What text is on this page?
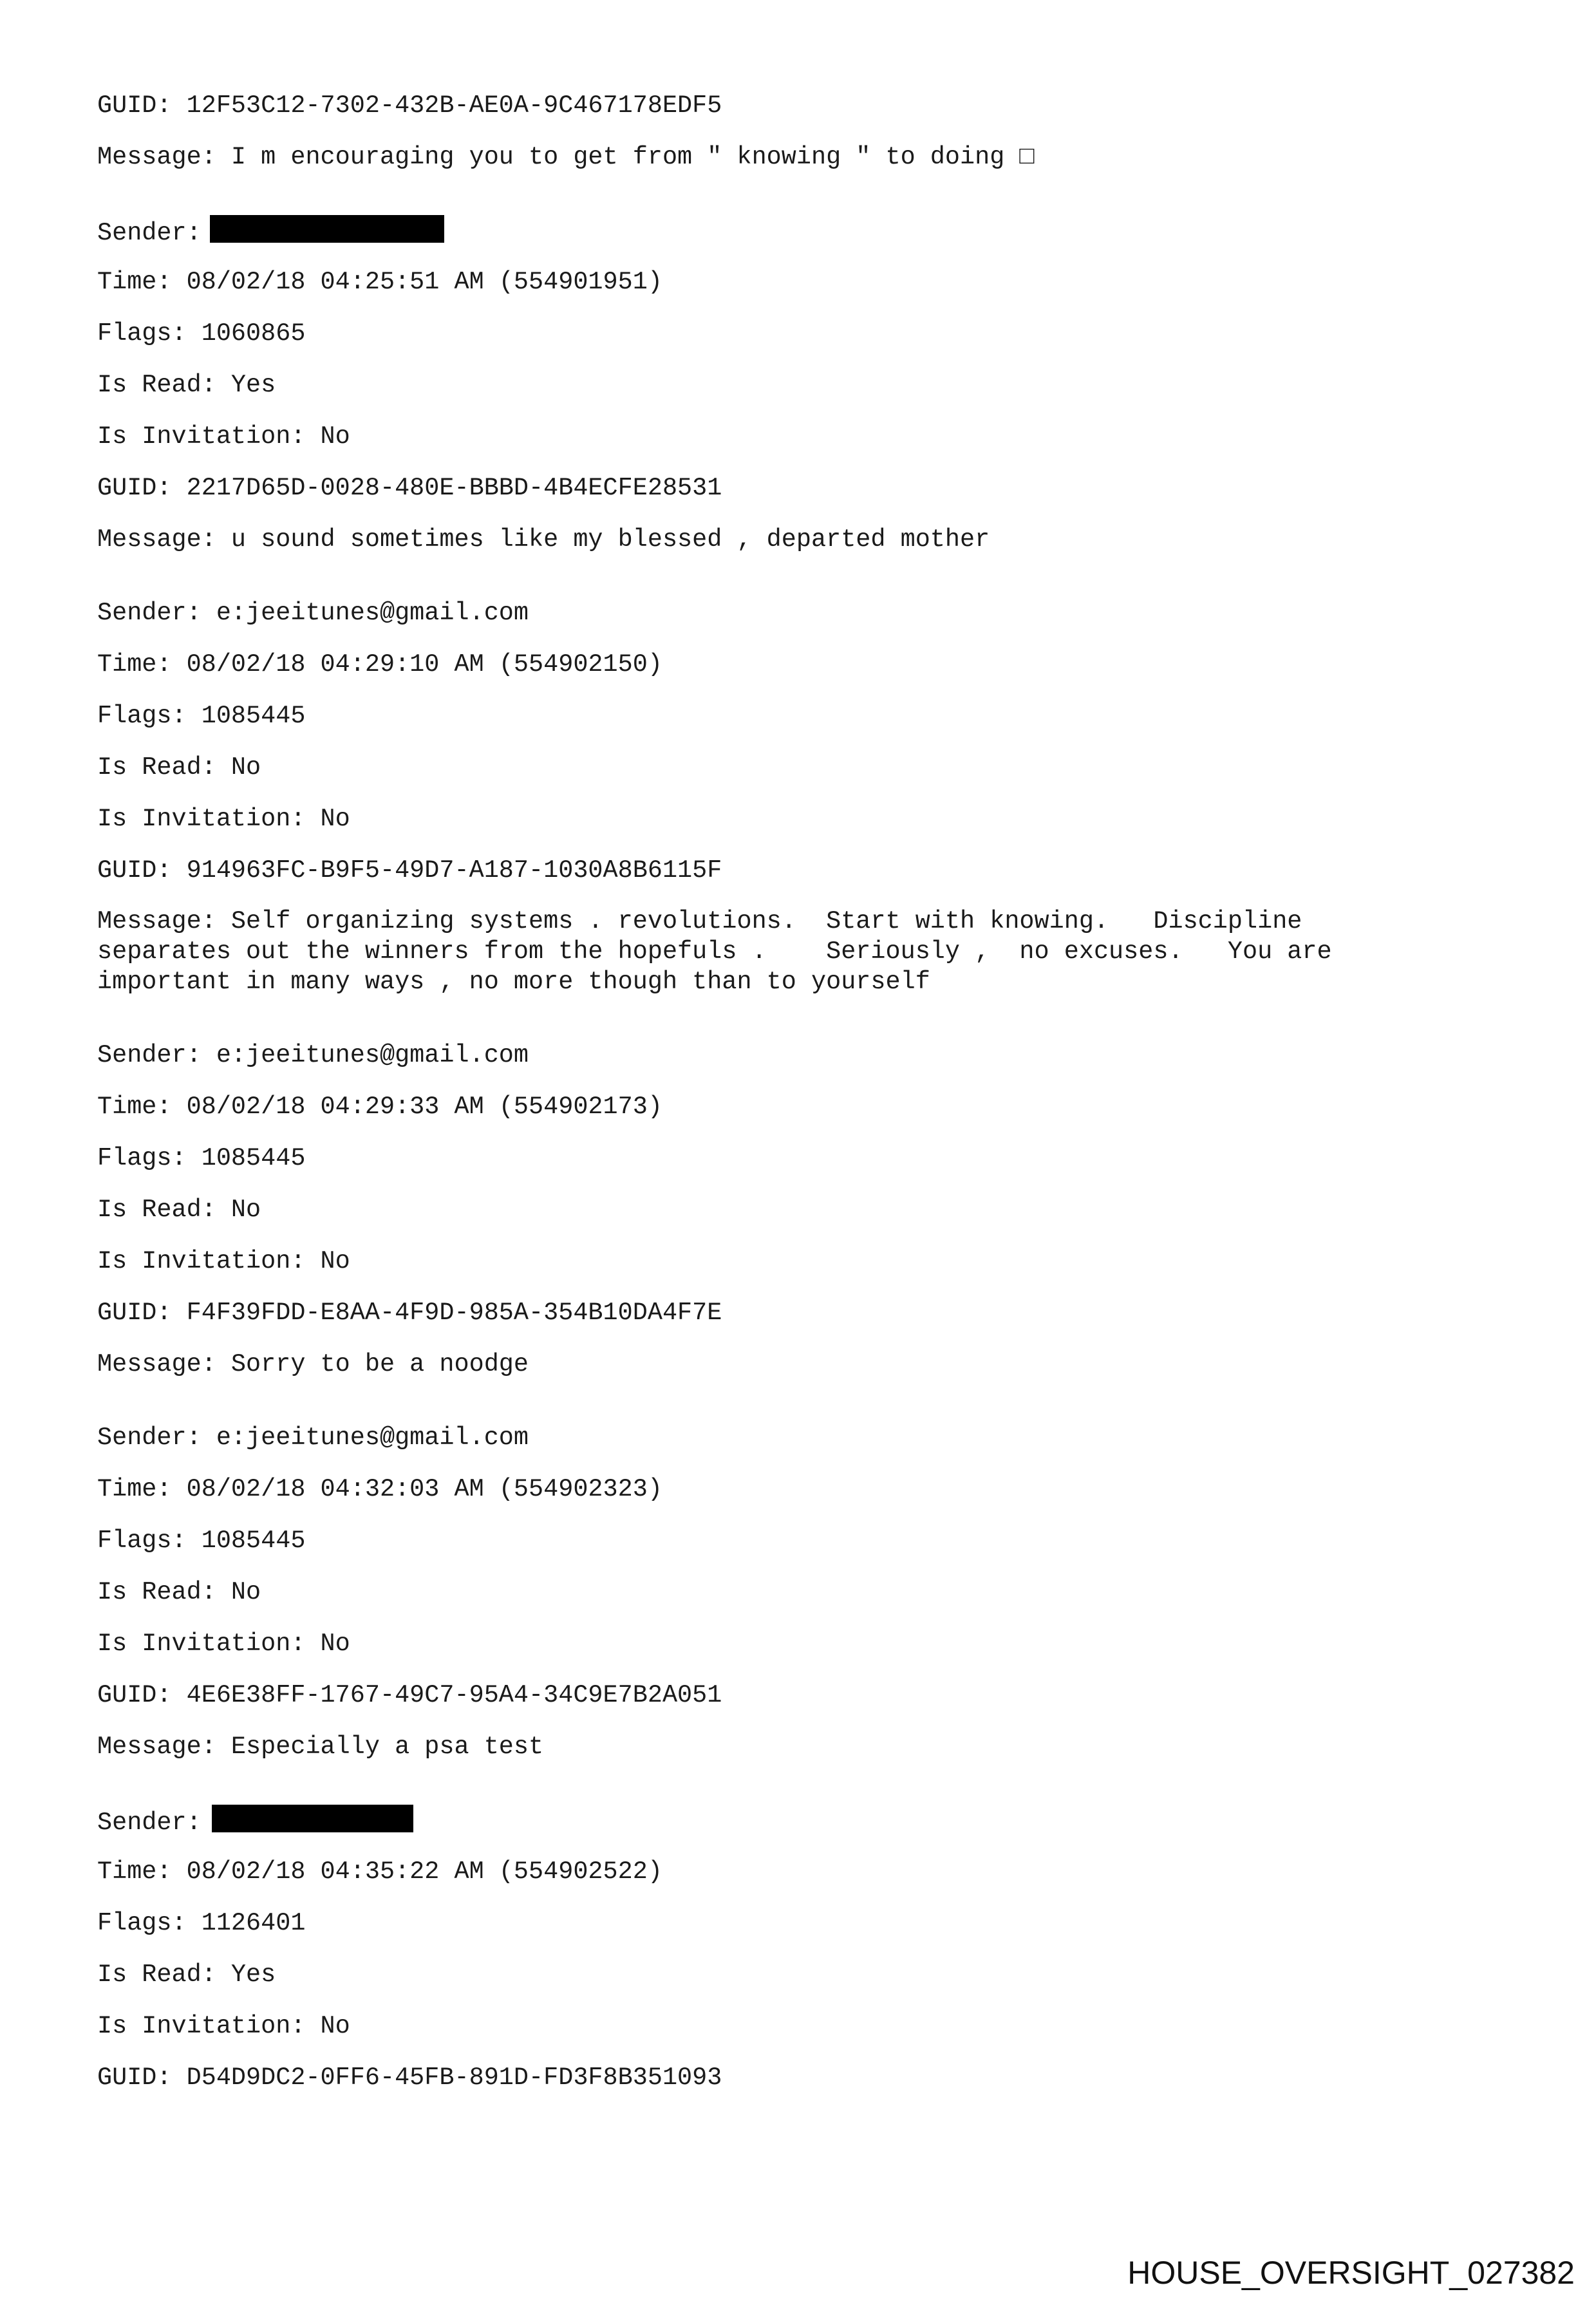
GUID: 12F53C12-7302-432B-AE0A-9C467178EDF5

Message: I m encouraging you to get from " knowing " to doing □

Sender:

Time: 08/02/18 04:25:51 AM (554901951)

Flags: 1060865

Is Read: Yes

Is Invitation: No

GUID: 2217D65D-0028-480E-BBBD-4B4ECFE28531

Message: u sound sometimes like my blessed , departed mother

Sender: e:jeeitunes@gmail.com

Time: 08/02/18 04:29:10 AM (554902150)

Flags: 1085445

Is Read: No

Is Invitation: No

GUID: 914963FC-B9F5-49D7-A187-1030A8B6115F

Message: Self organizing systems . revolutions.  Start with knowing.   Discipline

separates out the winners from the hopefuls .    Seriously ,  no excuses.   You are

important in many ways , no more though than to yourself

Sender: e:jeeitunes@gmail.com

Time: 08/02/18 04:29:33 AM (554902173)

Flags: 1085445

Is Read: No

Is Invitation: No

GUID: F4F39FDD-E8AA-4F9D-985A-354B10DA4F7E

Message: Sorry to be a noodge

Sender: e:jeeitunes@gmail.com

Time: 08/02/18 04:32:03 AM (554902323)

Flags: 1085445

Is Read: No

Is Invitation: No

GUID: 4E6E38FF-1767-49C7-95A4-34C9E7B2A051

Message: Especially a psa test

Sender:

Time: 08/02/18 04:35:22 AM (554902522)

Flags: 1126401

Is Read: Yes

Is Invitation: No

GUID: D54D9DC2-0FF6-45FB-891D-FD3F8B351093

HOUSE_OVERSIGHT_027382
